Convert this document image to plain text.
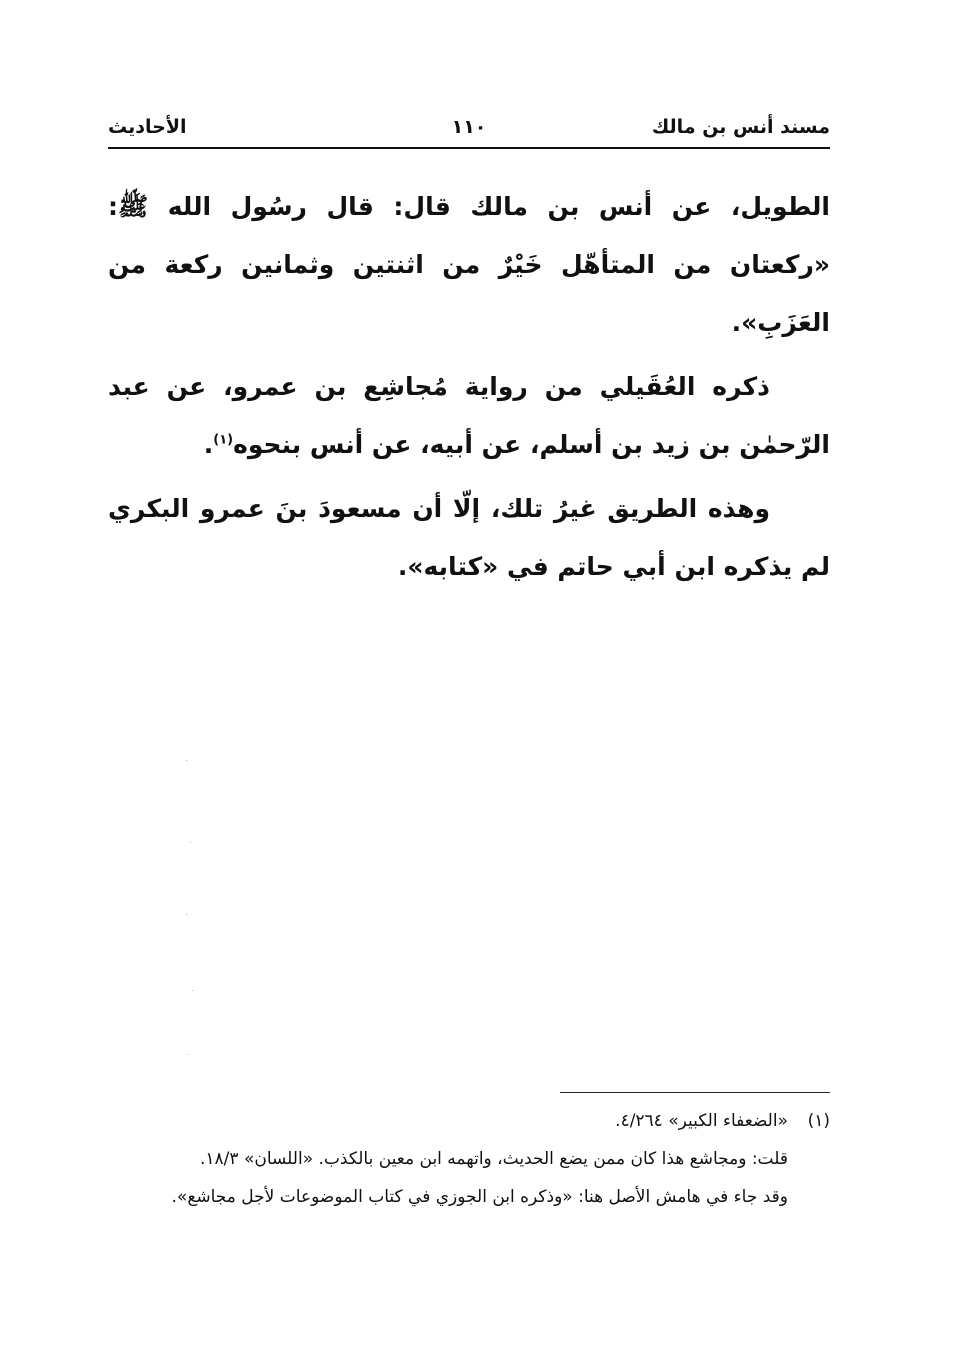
مسند أنس بن مالك
١١٠
الأحاديث

الطويل، عن أنس بن مالك قال: قال رسُول الله ﷺ: «ركعتان من المتأهّل خَيْرٌ من اثنتين وثمانين ركعة من العَزَبِ».

ذكره العُقَيلي من رواية مُجاشِع بن عمرو، عن عبد الرّحمٰن بن زيد بن أسلم، عن أبيه، عن أنس بنحوه$^{(١)}$.

وهذه الطريق غيرُ تلك، إلّا أن مسعودَ بنَ عمرو البكري لم يذكره ابن أبي حاتم في «كتابه».

(١)
«الضعفاء الكبير» ٤/٢٦٤.
قلت: ومجاشع هذا كان ممن يضع الحديث، واتهمه ابن معين بالكذب. «اللسان» ١٨/٣.
وقد جاء في هامش الأصل هنا: «وذكره ابن الجوزي في كتاب الموضوعات لأجل مجاشع».
